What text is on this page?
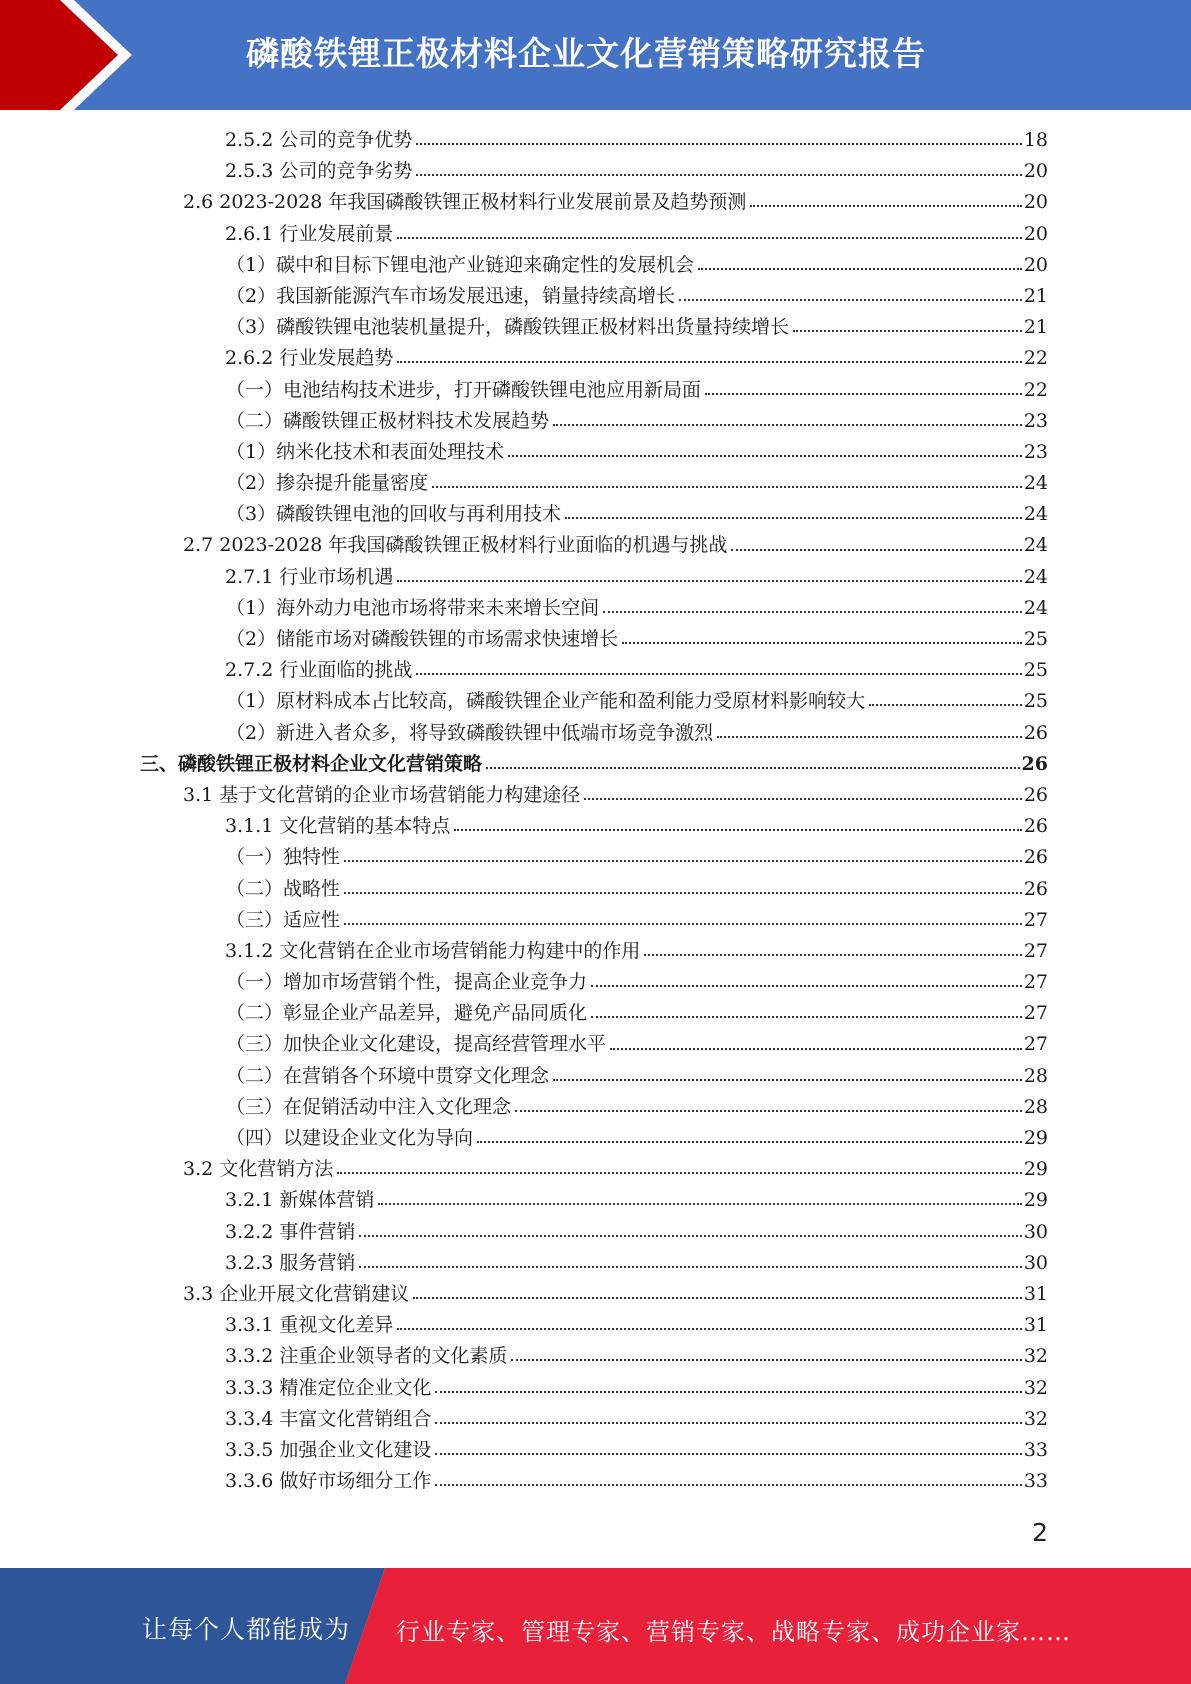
磷酸铁锂正极材料企业文化营销策略研究报告
2.5.2 公司的竞争优势	18
2.5.3 公司的竞争劣势	20
2.6 2023-2028 年我国磷酸铁锂正极材料行业发展前景及趋势预测	20
2.6.1 行业发展前景	20
（1）碳中和目标下锂电池产业链迎来确定性的发展机会	20
（2）我国新能源汽车市场发展迅速，销量持续高增长	21
（3）磷酸铁锂电池装机量提升，磷酸铁锂正极材料出货量持续增长	21
2.6.2 行业发展趋势	22
（一）电池结构技术进步，打开磷酸铁锂电池应用新局面	22
（二）磷酸铁锂正极材料技术发展趋势	23
（1）纳米化技术和表面处理技术	23
（2）掺杂提升能量密度	24
（3）磷酸铁锂电池的回收与再利用技术	24
2.7 2023-2028 年我国磷酸铁锂正极材料行业面临的机遇与挑战	24
2.7.1 行业市场机遇	24
（1）海外动力电池市场将带来未来增长空间	24
（2）储能市场对磷酸铁锂的市场需求快速增长	25
2.7.2 行业面临的挑战	25
（1）原材料成本占比较高，磷酸铁锂企业产能和盈利能力受原材料影响较大	25
（2）新进入者众多，将导致磷酸铁锂中低端市场竞争激烈	26
三、磷酸铁锂正极材料企业文化营销策略	26
3.1 基于文化营销的企业市场营销能力构建途径	26
3.1.1 文化营销的基本特点	26
（一）独特性	26
（二）战略性	26
（三）适应性	27
3.1.2 文化营销在企业市场营销能力构建中的作用	27
（一）增加市场营销个性，提高企业竞争力	27
（二）彰显企业产品差异，避免产品同质化	27
（三）加快企业文化建设，提高经营管理水平	27
（二）在营销各个环境中贯穿文化理念	28
（三）在促销活动中注入文化理念	28
（四）以建设企业文化为导向	29
3.2 文化营销方法	29
3.2.1 新媒体营销	29
3.2.2 事件营销	30
3.2.3 服务营销	30
3.3 企业开展文化营销建议	31
3.3.1 重视文化差异	31
3.3.2 注重企业领导者的文化素质	32
3.3.3 精准定位企业文化	32
3.3.4 丰富文化营销组合	32
3.3.5 加强企业文化建设	33
3.3.6 做好市场细分工作	33
2
让每个人都能成为 行业专家、管理专家、营销专家、战略专家、成功企业家……
